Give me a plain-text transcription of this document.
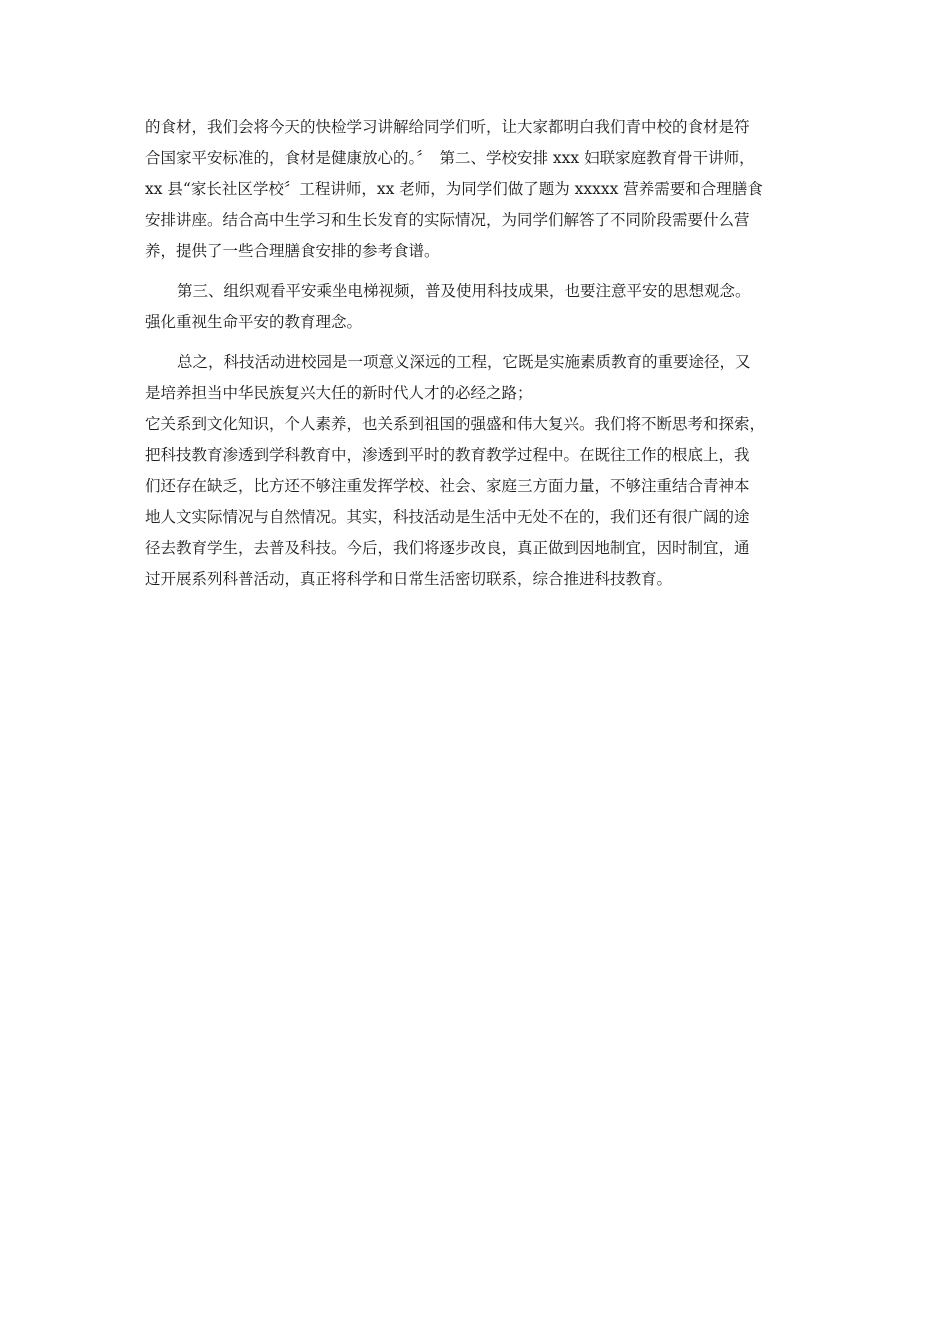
的食材，我们会将今天的快检学习讲解给同学们听，让大家都明白我们青中校的食材是符
合国家平安标准的，食材是健康放心的。〞　第二、学校安排 xxx 妇联家庭教育骨干讲师，
xx 县“家长社区学校〞工程讲师，xx 老师，为同学们做了题为 xxxxx 营养需要和合理膳食
安排讲座。结合高中生学习和生长发育的实际情况，为同学们解答了不同阶段需要什么营
养，提供了一些合理膳食安排的参考食谱。
第三、组织观看平安乘坐电梯视频，普及使用科技成果，也要注意平安的思想观念。
强化重视生命平安的教育理念。
总之，科技活动进校园是一项意义深远的工程，它既是实施素质教育的重要途径，又
是培养担当中华民族复兴大任的新时代人才的必经之路；
它关系到文化知识，个人素养，也关系到祖国的强盛和伟大复兴。我们将不断思考和探索，
把科技教育渗透到学科教育中，渗透到平时的教育教学过程中。在既往工作的根底上，我
们还存在缺乏，比方还不够注重发挥学校、社会、家庭三方面力量，不够注重结合青神本
地人文实际情况与自然情况。其实，科技活动是生活中无处不在的，我们还有很广阔的途
径去教育学生，去普及科技。今后，我们将逐步改良，真正做到因地制宜，因时制宜，通
过开展系列科普活动，真正将科学和日常生活密切联系，综合推进科技教育。
